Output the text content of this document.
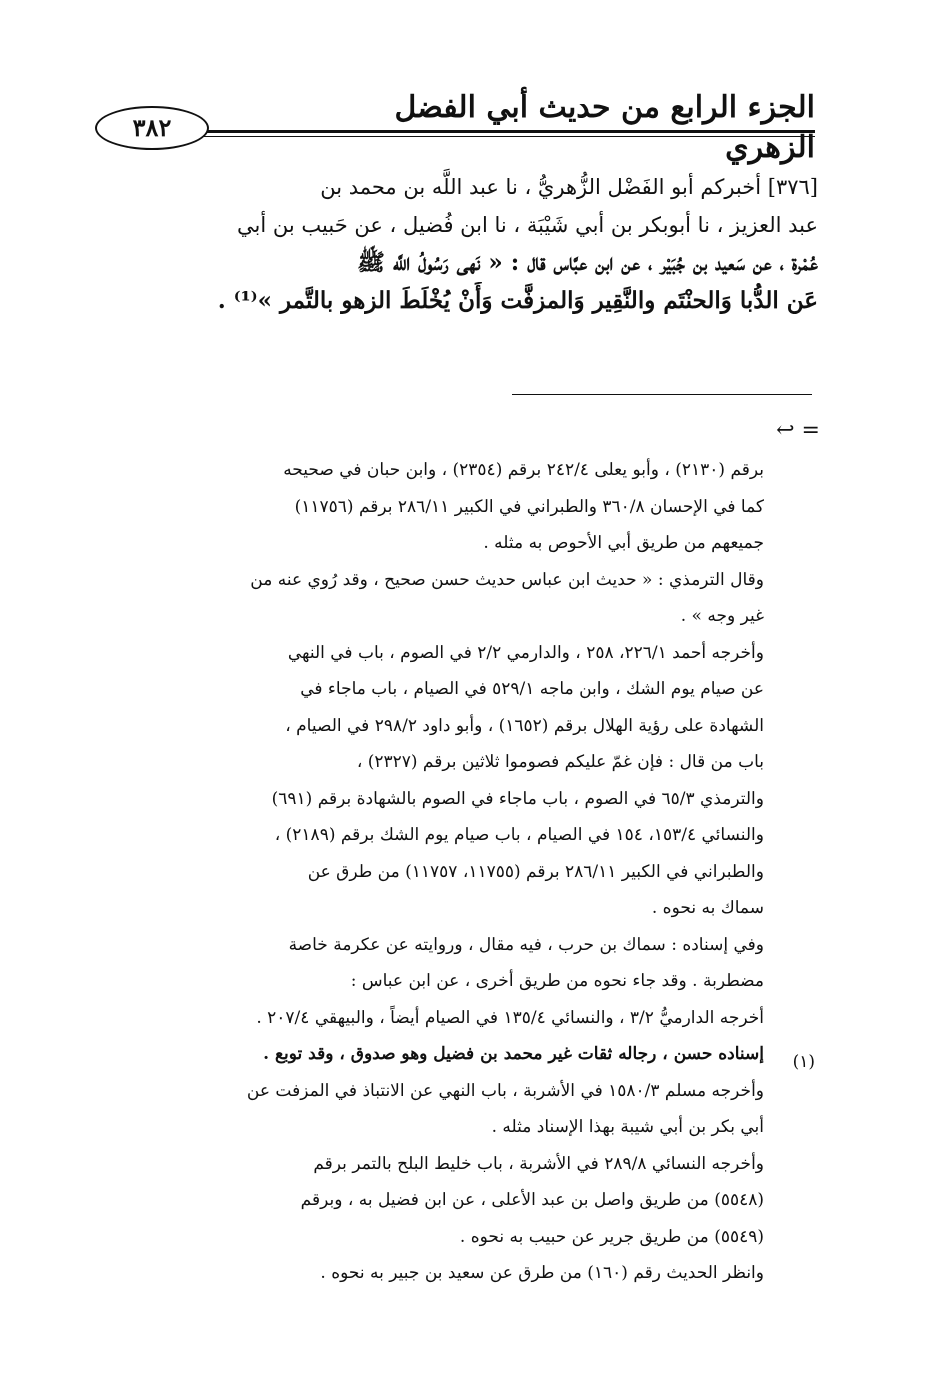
الجزء الرابع من حديث أبي الفضل الزهري
٣٨٢
[٣٧٦] أخبركم أبو الفَضْل الزُّهريُّ ، نا عبد اللَّه بن محمد بن
عبد العزيز ، نا أبوبكر بن أبي شَيْبَة ، نا ابن فُضيل ، عن حَبيب بن أبي
عُمْرة ، عن سَعيد بن جُبَيْر ، عن ابن عبَّاس قال : « نَهى رَسُولُ اللَّه ﷺ
عَن الدُّبا وَالحنْتَم والنَّقِير وَالمزفَّت وَأَنْ يُخْلَطَ الزهو بالتَّمر »⁽¹⁾ .
= ↩
برقم (٢١٣٠) ، وأبو يعلى ٢٤٢/٤ برقم (٢٣٥٤) ، وابن حبان في صحيحه
كما في الإحسان ٣٦٠/٨ والطبراني في الكبير ٢٨٦/١١ برقم (١١٧٥٦)
جميعهم من طريق أبي الأحوص به مثله .
وقال الترمذي : « حديث ابن عباس حديث حسن صحيح ، وقد رُوي عنه من
غير وجه » .
وأخرجه أحمد ٢٢٦/١، ٢٥٨ ، والدارمي ٢/٢ في الصوم ، باب في النهي
عن صيام يوم الشك ، وابن ماجه ٥٢٩/١ في الصيام ، باب ماجاء في
الشهادة على رؤية الهلال برقم (١٦٥٢) ، وأبو داود ٢٩٨/٢ في الصيام ،
باب من قال : فإن غمّ عليكم فصوموا ثلاثين برقم (٢٣٢٧) ،
والترمذي ٦٥/٣ في الصوم ، باب ماجاء في الصوم بالشهادة برقم (٦٩١)
والنسائي ١٥٣/٤، ١٥٤ في الصيام ، باب صيام يوم الشك برقم (٢١٨٩) ،
والطبراني في الكبير ٢٨٦/١١ برقم (١١٧٥٥، ١١٧٥٧) من طرق عن
سماك به نحوه .
وفي إسناده : سماك بن حرب ، فيه مقال ، وروايته عن عكرمة خاصة
مضطربة . وقد جاء نحوه من طريق أخرى ، عن ابن عباس :
أخرجه الدارميُّ ٣/٢ ، والنسائي ١٣٥/٤ في الصيام أيضاً ، والبيهقي ٢٠٧/٤ .
إسناده حسن ، رجاله ثقات غير محمد بن فضيل وهو صدوق ، وقد توبع .
وأخرجه مسلم ١٥٨٠/٣ في الأشربة ، باب النهي عن الانتباذ في المزفت عن
أبي بكر بن أبي شيبة بهذا الإسناد مثله .
وأخرجه النسائي ٢٨٩/٨ في الأشربة ، باب خليط البلح بالتمر برقم
(٥٥٤٨) من طريق واصل بن عبد الأعلى ، عن ابن فضيل به ، وبرقم
(٥٥٤٩) من طريق جرير عن حبيب به نحوه .
وانظر الحديث رقم (١٦٠) من طرق عن سعيد بن جبير به نحوه .
(١)
